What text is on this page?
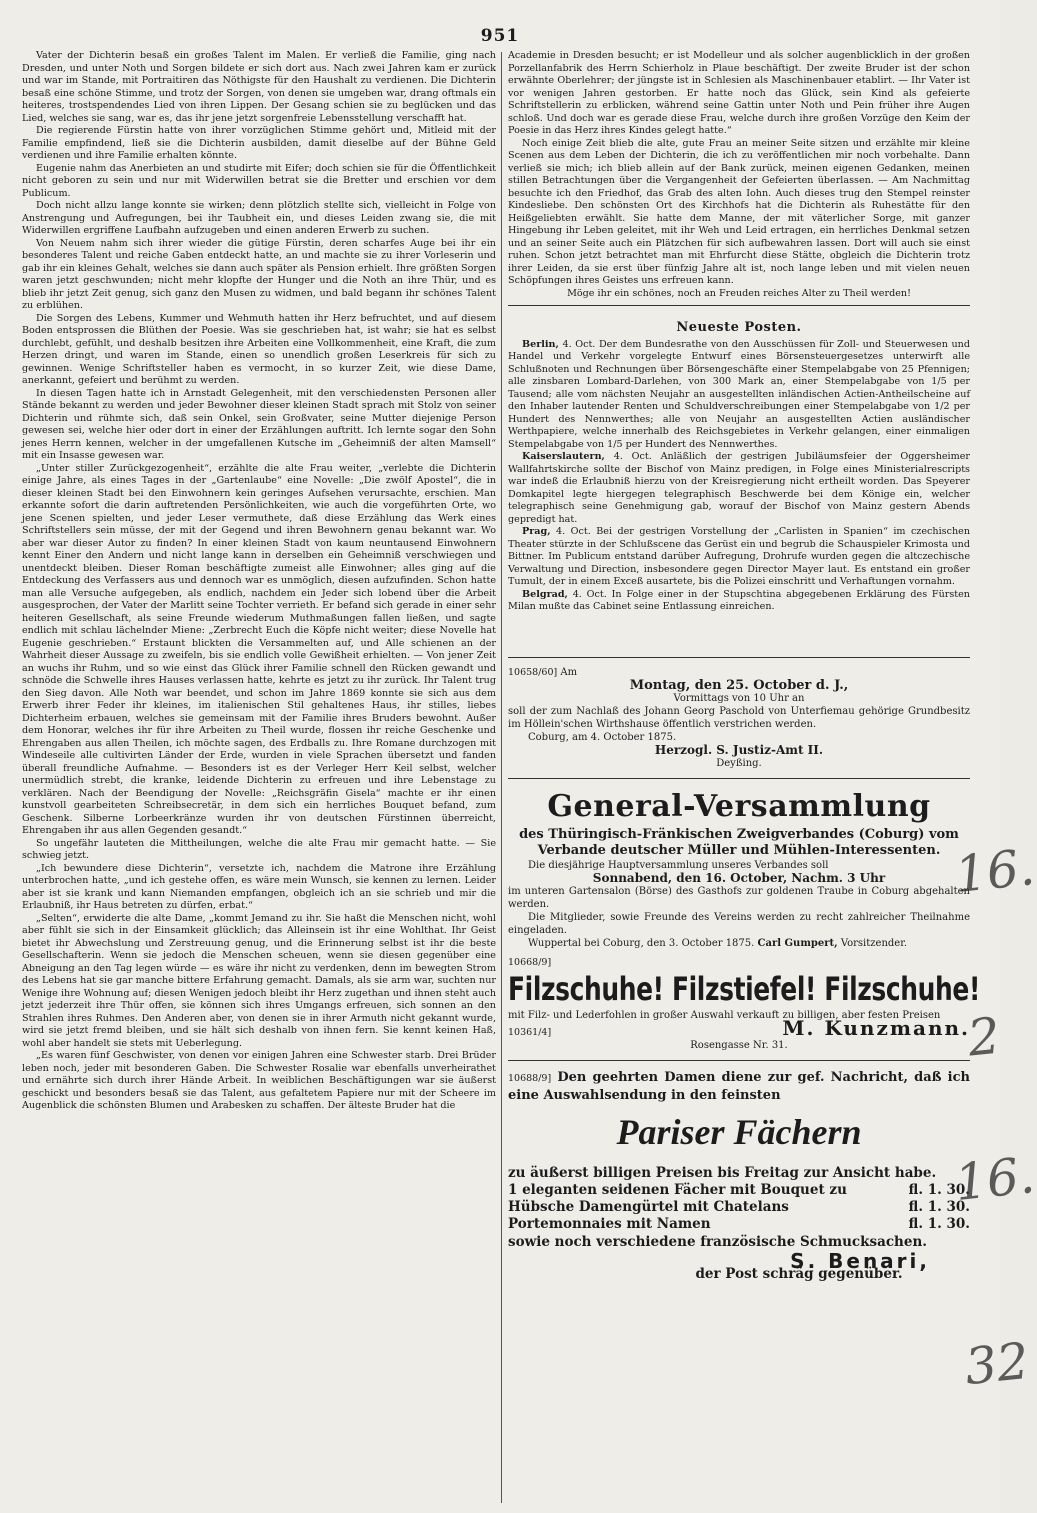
951

Vater der Dichterin besaß ein großes Talent im Malen. Er verließ die Familie, ging nach Dresden, und unter Noth und Sorgen bildete er sich dort aus. Nach zwei Jahren kam er zurück und war im Stande, mit Portraitiren das Nöthigste für den Haushalt zu verdienen. Die Dichterin besaß eine schöne Stimme, und trotz der Sorgen, von denen sie umgeben war, drang oftmals ein heiteres, trostspendendes Lied von ihren Lippen. Der Gesang schien sie zu beglücken und das Lied, welches sie sang, war es, das ihr jene jetzt sorgenfreie Lebensstellung verschafft hat.

Die regierende Fürstin hatte von ihrer vorzüglichen Stimme gehört und, Mitleid mit der Familie empfindend, ließ sie die Dichterin ausbilden, damit dieselbe auf der Bühne Geld verdienen und ihre Familie erhalten könnte.

Eugenie nahm das Anerbieten an und studirte mit Eifer; doch schien sie für die Öffentlichkeit nicht geboren zu sein und nur mit Widerwillen betrat sie die Bretter und erschien vor dem Publicum.

Doch nicht allzu lange konnte sie wirken; denn plötzlich stellte sich, vielleicht in Folge von Anstrengung und Aufregungen, bei ihr Taubheit ein, und dieses Leiden zwang sie, die mit Widerwillen ergriffene Laufbahn aufzugeben und einen anderen Erwerb zu suchen.

Von Neuem nahm sich ihrer wieder die gütige Fürstin, deren scharfes Auge bei ihr ein besonderes Talent und reiche Gaben entdeckt hatte, an und machte sie zu ihrer Vorleserin und gab ihr ein kleines Gehalt, welches sie dann auch später als Pension erhielt. Ihre größten Sorgen waren jetzt geschwunden; nicht mehr klopfte der Hunger und die Noth an ihre Thür, und es blieb ihr jetzt Zeit genug, sich ganz den Musen zu widmen, und bald begann ihr schönes Talent zu erblühen.

Die Sorgen des Lebens, Kummer und Wehmuth hatten ihr Herz befruchtet, und auf diesem Boden entsprossen die Blüthen der Poesie. Was sie geschrieben hat, ist wahr; sie hat es selbst durchlebt, gefühlt, und deshalb besitzen ihre Arbeiten eine Vollkommenheit, eine Kraft, die zum Herzen dringt, und waren im Stande, einen so unendlich großen Leserkreis für sich zu gewinnen. Wenige Schriftsteller haben es vermocht, in so kurzer Zeit, wie diese Dame, anerkannt, gefeiert und berühmt zu werden.

In diesen Tagen hatte ich in Arnstadt Gelegenheit, mit den verschiedensten Personen aller Stände bekannt zu werden und jeder Bewohner dieser kleinen Stadt sprach mit Stolz von seiner Dichterin und rühmte sich, daß sein Onkel, sein Großvater, seine Mutter diejenige Person gewesen sei, welche hier oder dort in einer der Erzählungen auftritt. Ich lernte sogar den Sohn jenes Herrn kennen, welcher in der umgefallenen Kutsche im „Geheimniß der alten Mamsell“ mit ein Insasse gewesen war.

„Unter stiller Zurückgezogenheit“, erzählte die alte Frau weiter, „verlebte die Dichterin einige Jahre, als eines Tages in der „Gartenlaube“ eine Novelle: „Die zwölf Apostel“, die in dieser kleinen Stadt bei den Einwohnern kein geringes Aufsehen verursachte, erschien. Man erkannte sofort die darin auftretenden Persönlichkeiten, wie auch die vorgeführten Orte, wo jene Scenen spielten, und jeder Leser vermuthete, daß diese Erzählung das Werk eines Schriftstellers sein müsse, der mit der Gegend und ihren Bewohnern genau bekannt war. Wo aber war dieser Autor zu finden? In einer kleinen Stadt von kaum neuntausend Einwohnern kennt Einer den Andern und nicht lange kann in derselben ein Geheimniß verschwiegen und unentdeckt bleiben. Dieser Roman beschäftigte zumeist alle Einwohner; alles ging auf die Entdeckung des Verfassers aus und dennoch war es unmöglich, diesen aufzufinden. Schon hatte man alle Versuche aufgegeben, als endlich, nachdem ein Jeder sich lobend über die Arbeit ausgesprochen, der Vater der Marlitt seine Tochter verrieth. Er befand sich gerade in einer sehr heiteren Gesellschaft, als seine Freunde wiederum Muthmaßungen fallen ließen, und sagte endlich mit schlau lächelnder Miene: „Zerbrecht Euch die Köpfe nicht weiter; diese Novelle hat Eugenie geschrieben.“ Erstaunt blickten die Versammelten auf, und Alle schienen an der Wahrheit dieser Aussage zu zweifeln, bis sie endlich volle Gewißheit erhielten. — Von jener Zeit an wuchs ihr Ruhm, und so wie einst das Glück ihrer Familie schnell den Rücken gewandt und schnöde die Schwelle ihres Hauses verlassen hatte, kehrte es jetzt zu ihr zurück. Ihr Talent trug den Sieg davon. Alle Noth war beendet, und schon im Jahre 1869 konnte sie sich aus dem Erwerb ihrer Feder ihr kleines, im italienischen Stil gehaltenes Haus, ihr stilles, liebes Dichterheim erbauen, welches sie gemeinsam mit der Familie ihres Bruders bewohnt. Außer dem Honorar, welches ihr für ihre Arbeiten zu Theil wurde, flossen ihr reiche Geschenke und Ehrengaben aus allen Theilen, ich möchte sagen, des Erdballs zu. Ihre Romane durchzogen mit Windeseile alle cultivirten Länder der Erde, wurden in viele Sprachen übersetzt und fanden überall freundliche Aufnahme. — Besonders ist es der Verleger Herr Keil selbst, welcher unermüdlich strebt, die kranke, leidende Dichterin zu erfreuen und ihre Lebenstage zu verklären. Nach der Beendigung der Novelle: „Reichsgräfin Gisela“ machte er ihr einen kunstvoll gearbeiteten Schreibsecretär, in dem sich ein herrliches Bouquet befand, zum Geschenk. Silberne Lorbeerkränze wurden ihr von deutschen Fürstinnen überreicht, Ehrengaben ihr aus allen Gegenden gesandt.“

So ungefähr lauteten die Mittheilungen, welche die alte Frau mir gemacht hatte. — Sie schwieg jetzt.

„Ich bewundere diese Dichterin“, versetzte ich, nachdem die Matrone ihre Erzählung unterbrochen hatte, „und ich gestehe offen, es wäre mein Wunsch, sie kennen zu lernen. Leider aber ist sie krank und kann Niemanden empfangen, obgleich ich an sie schrieb und mir die Erlaubniß, ihr Haus betreten zu dürfen, erbat.“

„Selten“, erwiderte die alte Dame, „kommt Jemand zu ihr. Sie haßt die Menschen nicht, wohl aber fühlt sie sich in der Einsamkeit glücklich; das Alleinsein ist ihr eine Wohlthat. Ihr Geist bietet ihr Abwechslung und Zerstreuung genug, und die Erinnerung selbst ist ihr die beste Gesellschafterin. Wenn sie jedoch die Menschen scheuen, wenn sie diesen gegenüber eine Abneigung an den Tag legen würde — es wäre ihr nicht zu verdenken, denn im bewegten Strom des Lebens hat sie gar manche bittere Erfahrung gemacht. Damals, als sie arm war, suchten nur Wenige ihre Wohnung auf; diesen Wenigen jedoch bleibt ihr Herz zugethan und ihnen steht auch jetzt jederzeit ihre Thür offen, sie können sich ihres Umgangs erfreuen, sich sonnen an den Strahlen ihres Ruhmes. Den Anderen aber, von denen sie in ihrer Armuth nicht gekannt wurde, wird sie jetzt fremd bleiben, und sie hält sich deshalb von ihnen fern. Sie kennt keinen Haß, wohl aber handelt sie stets mit Ueberlegung.

„Es waren fünf Geschwister, von denen vor einigen Jahren eine Schwester starb. Drei Brüder leben noch, jeder mit besonderen Gaben. Die Schwester Rosalie war ebenfalls unverheirathet und ernährte sich durch ihrer Hände Arbeit. In weiblichen Beschäftigungen war sie äußerst geschickt und besonders besaß sie das Talent, aus gefaltetem Papiere nur mit der Scheere im Augenblick die schönsten Blumen und Arabesken zu schaffen. Der älteste Bruder hat die

Academie in Dresden besucht; er ist Modelleur und als solcher augenblicklich in der großen Porzellanfabrik des Herrn Schierholz in Plaue beschäftigt. Der zweite Bruder ist der schon erwähnte Oberlehrer; der jüngste ist in Schlesien als Maschinenbauer etablirt. — Ihr Vater ist vor wenigen Jahren gestorben. Er hatte noch das Glück, sein Kind als gefeierte Schriftstellerin zu erblicken, während seine Gattin unter Noth und Pein früher ihre Augen schloß. Und doch war es gerade diese Frau, welche durch ihre großen Vorzüge den Keim der Poesie in das Herz ihres Kindes gelegt hatte.“

Noch einige Zeit blieb die alte, gute Frau an meiner Seite sitzen und erzählte mir kleine Scenen aus dem Leben der Dichterin, die ich zu veröffentlichen mir noch vorbehalte. Dann verließ sie mich; ich blieb allein auf der Bank zurück, meinen eigenen Gedanken, meinen stillen Betrachtungen über die Vergangenheit der Gefeierten überlassen. — Am Nachmittag besuchte ich den Friedhof, das Grab des alten Iohn. Auch dieses trug den Stempel reinster Kindesliebe. Den schönsten Ort des Kirchhofs hat die Dichterin als Ruhestätte für den Heißgeliebten erwählt. Sie hatte dem Manne, der mit väterlicher Sorge, mit ganzer Hingebung ihr Leben geleitet, mit ihr Weh und Leid ertragen, ein herrliches Denkmal setzen und an seiner Seite auch ein Plätzchen für sich aufbewahren lassen. Dort will auch sie einst ruhen. Schon jetzt betrachtet man mit Ehrfurcht diese Stätte, obgleich die Dichterin trotz ihrer Leiden, da sie erst über fünfzig Jahre alt ist, noch lange leben und mit vielen neuen Schöpfungen ihres Geistes uns erfreuen kann.

Möge ihr ein schönes, noch an Freuden reiches Alter zu Theil werden!

Neueste Posten.

Berlin, 4. Oct. Der dem Bundesrathe von den Ausschüssen für Zoll- und Steuerwesen und Handel und Verkehr vorgelegte Entwurf eines Börsensteuergesetzes unterwirft alle Schlußnoten und Rechnungen über Börsengeschäfte einer Stempelabgabe von 25 Pfennigen; alle zinsbaren Lombard-Darlehen, von 300 Mark an, einer Stempelabgabe von 1/5 per Tausend; alle vom nächsten Neujahr an ausgestellten inländischen Actien-Antheilscheine auf den Inhaber lautender Renten und Schuldverschreibungen einer Stempelabgabe von 1/2 per Hundert des Nennwerthes; alle von Neujahr an ausgestellten Actien ausländischer Werthpapiere, welche innerhalb des Reichsgebietes in Verkehr gelangen, einer einmaligen Stempelabgabe von 1/5 per Hundert des Nennwerthes.

Kaiserslautern, 4. Oct. Anläßlich der gestrigen Jubiläumsfeier der Oggersheimer Wallfahrtskirche sollte der Bischof von Mainz predigen, in Folge eines Ministerialrescripts war indeß die Erlaubniß hierzu von der Kreisregierung nicht ertheilt worden. Das Speyerer Domkapitel legte hiergegen telegraphisch Beschwerde bei dem Könige ein, welcher telegraphisch seine Genehmigung gab, worauf der Bischof von Mainz gestern Abends gepredigt hat.

Prag, 4. Oct. Bei der gestrigen Vorstellung der „Carlisten in Spanien“ im czechischen Theater stürzte in der Schlußscene das Gerüst ein und begrub die Schauspieler Krimosta und Bittner. Im Publicum entstand darüber Aufregung, Drohrufe wurden gegen die altczechische Verwaltung und Direction, insbesondere gegen Director Mayer laut. Es entstand ein großer Tumult, der in einem Exceß ausartete, bis die Polizei einschritt und Verhaftungen vornahm.

Belgrad, 4. Oct. In Folge einer in der Stupschtina abgegebenen Erklärung des Fürsten Milan mußte das Cabinet seine Entlassung einreichen.

10658/60] Am
Montag, den 25. October d. J.,
Vormittags von 10 Uhr an
soll der zum Nachlaß des Johann Georg Paschold von Unterfiemau gehörige Grundbesitz im Höllein'schen Wirthshause öffentlich verstrichen werden.
Coburg, am 4. October 1875.
Herzogl. S. Justiz-Amt II.
Deyßing.
General-Versammlung
des Thüringisch-Fränkischen Zweigverbandes (Coburg) vom Verbande deutscher Müller und Mühlen-Interessenten.
Die diesjährige Hauptversammlung unseres Verbandes soll
Sonnabend, den 16. October, Nachm. 3 Uhr
im unteren Gartensalon (Börse) des Gasthofs zur goldenen Traube in Coburg abgehalten werden.
Die Mitglieder, sowie Freunde des Vereins werden zu recht zahlreicher Theilnahme eingeladen.
Wuppertal bei Coburg, den 3. October 1875. Carl Gumpert, Vorsitzender.
10668/9]
Filzschuhe! Filzstiefel! Filzschuhe!
mit Filz- und Lederfohlen in großer Auswahl verkauft zu billigen, aber festen Preisen
10361/4]	M. Kunzmann.
Rosengasse Nr. 31.
10688/9] Den geehrten Damen diene zur gef. Nachricht, daß ich eine Auswahlsendung in den feinsten
Pariser Fächern
zu äußerst billigen Preisen bis Freitag zur Ansicht habe.
1 eleganten seidenen Fächer mit Bouquet zu	fl. 1. 30.
Hübsche Damengürtel mit Chatelans	fl. 1. 30.
Portemonnaies mit Namen	fl. 1. 30.
sowie noch verschiedene französische Schmucksachen.
S. Benari,
der Post schräg gegenüber.
16.
2
16.
32
